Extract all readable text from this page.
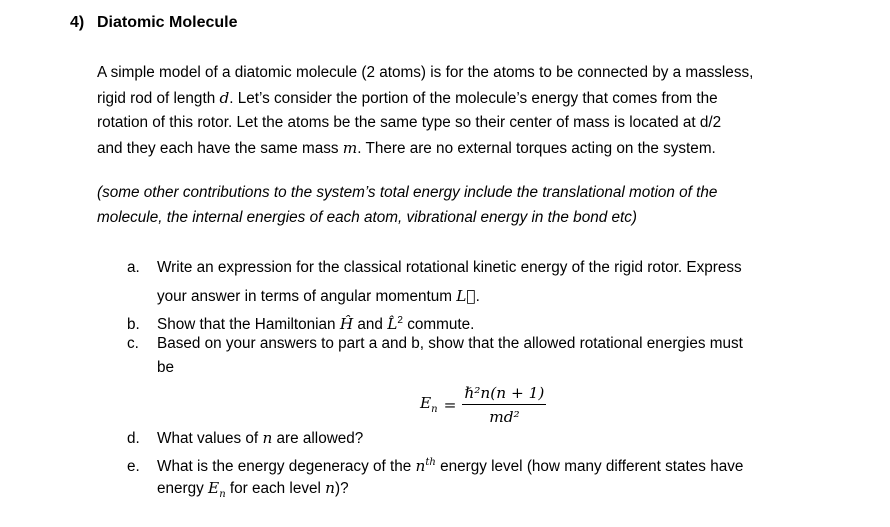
4) Diatomic Molecule
A simple model of a diatomic molecule (2 atoms) is for the atoms to be connected by a massless,
rigid rod of length d. Let’s consider the portion of the molecule’s energy that comes from the
rotation of this rotor. Let the atoms be the same type so their center of mass is located at d/2
and they each have the same mass m. There are no external torques acting on the system.
(some other contributions to the system’s total energy include the translational motion of the
molecule, the internal energies of each atom, vibrational energy in the bond etc)
a. Write an expression for the classical rotational kinetic energy of the rigid rotor. Express
your answer in terms of angular momentum L⃗.
b. Show that the Hamiltonian Ĥ and L̂$^2$ commute.
c. Based on your answers to part a and b, show that the allowed rotational energies must
be
$E_n = \frac{\text{ℏ²n(n + 1)}}{\text{md²}}$
d. What values of n are allowed?
e. What is the energy degeneracy of the $n^{th}$ energy level (how many different states have
energy $E_n$ for each level n)?
